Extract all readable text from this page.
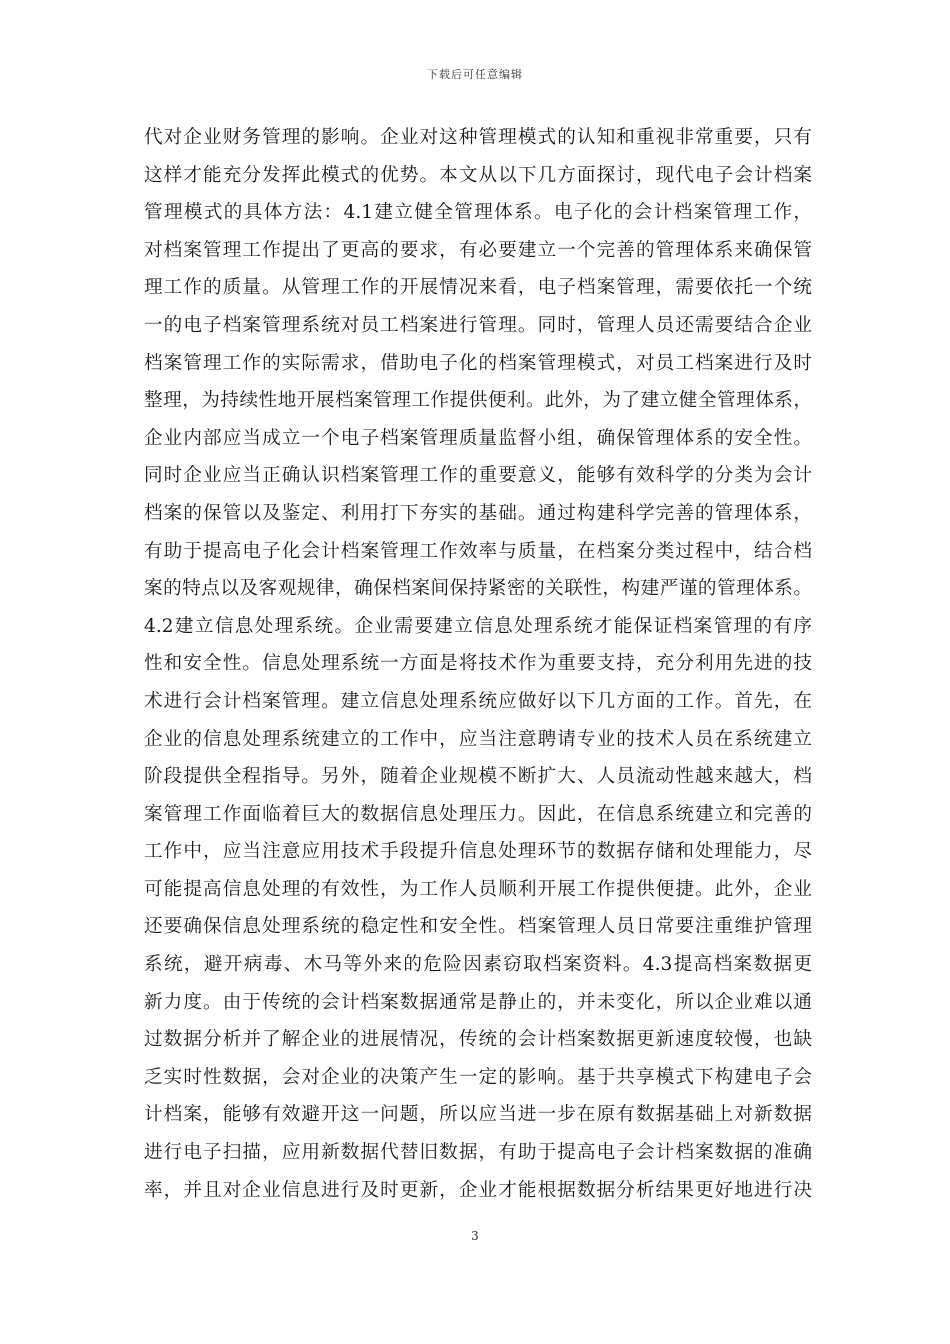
下载后可任意编辑
代对企业财务管理的影响。企业对这种管理模式的认知和重视非常重要，只有
这样才能充分发挥此模式的优势。本文从以下几方面探讨，现代电子会计档案
管理模式的具体方法：4.1建立健全管理体系。电子化的会计档案管理工作，
对档案管理工作提出了更高的要求，有必要建立一个完善的管理体系来确保管
理工作的质量。从管理工作的开展情况来看，电子档案管理，需要依托一个统
一的电子档案管理系统对员工档案进行管理。同时，管理人员还需要结合企业
档案管理工作的实际需求，借助电子化的档案管理模式，对员工档案进行及时
整理，为持续性地开展档案管理工作提供便利。此外，为了建立健全管理体系，
企业内部应当成立一个电子档案管理质量监督小组，确保管理体系的安全性。
同时企业应当正确认识档案管理工作的重要意义，能够有效科学的分类为会计
档案的保管以及鉴定、利用打下夯实的基础。通过构建科学完善的管理体系，
有助于提高电子化会计档案管理工作效率与质量，在档案分类过程中，结合档
案的特点以及客观规律，确保档案间保持紧密的关联性，构建严谨的管理体系。
4.2建立信息处理系统。企业需要建立信息处理系统才能保证档案管理的有序
性和安全性。信息处理系统一方面是将技术作为重要支持，充分利用先进的技
术进行会计档案管理。建立信息处理系统应做好以下几方面的工作。首先，在
企业的信息处理系统建立的工作中，应当注意聘请专业的技术人员在系统建立
阶段提供全程指导。另外，随着企业规模不断扩大、人员流动性越来越大，档
案管理工作面临着巨大的数据信息处理压力。因此，在信息系统建立和完善的
工作中，应当注意应用技术手段提升信息处理环节的数据存储和处理能力，尽
可能提高信息处理的有效性，为工作人员顺利开展工作提供便捷。此外，企业
还要确保信息处理系统的稳定性和安全性。档案管理人员日常要注重维护管理
系统，避开病毒、木马等外来的危险因素窃取档案资料。4.3提高档案数据更
新力度。由于传统的会计档案数据通常是静止的，并未变化，所以企业难以通
过数据分析并了解企业的进展情况，传统的会计档案数据更新速度较慢，也缺
乏实时性数据，会对企业的决策产生一定的影响。基于共享模式下构建电子会
计档案，能够有效避开这一问题，所以应当进一步在原有数据基础上对新数据
进行电子扫描，应用新数据代替旧数据，有助于提高电子会计档案数据的准确
率，并且对企业信息进行及时更新，企业才能根据数据分析结果更好地进行决
3
